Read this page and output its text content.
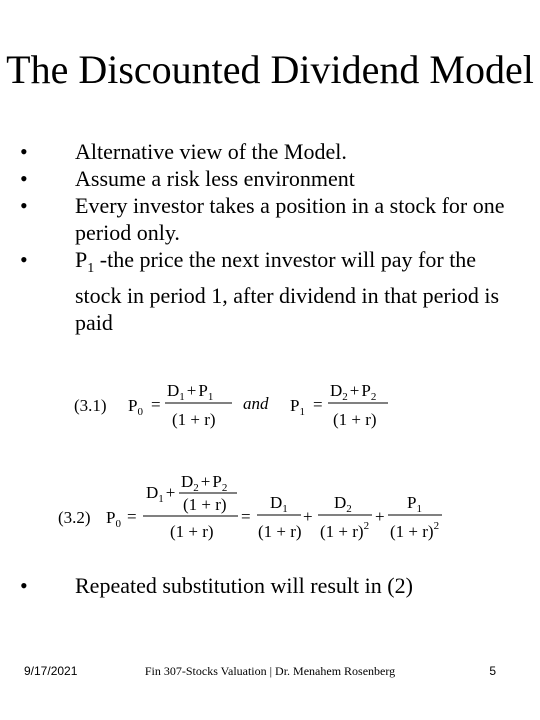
The Discounted Dividend Model
• Alternative view of the Model.
• Assume a risk less environment
• Every investor takes a position in a stock for one period only.
• $P_1$ -the price the next investor will pay for the stock in period 1, after dividend in that period is paid
(3.1) $P_0$ =
$D_1 + P_1$
(1 + r)
and $P_1$ =
$D_2 + P_2$
(1 + r)
(3.2) $P_0$ =
$D_1$ +
$D_2 + P_2$
(1 + r)
(1 + r)
=
$D_1$
(1 + r)
+
$D_2$
$(1 + r)^2$ +
$P_1$
$(1 + r)^2$
• Repeated substitution will result in (2)
9/17/2021	Fin 307-Stocks Valuation | Dr. Menahem Rosenberg	5
